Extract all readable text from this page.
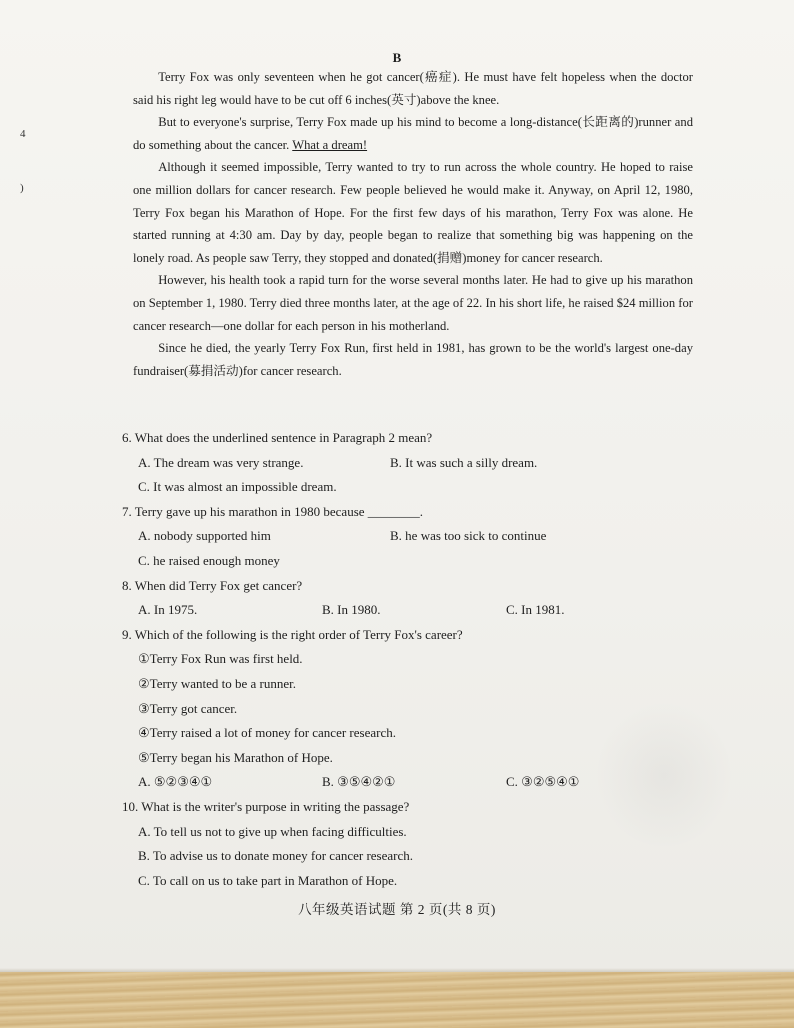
4
)
B

Terry Fox was only seventeen when he got cancer(癌症). He must have felt hopeless when the doctor said his right leg would have to be cut off 6 inches(英寸)above the knee.

But to everyone's surprise, Terry Fox made up his mind to become a long-distance(长距离的)runner and do something about the cancer. What a dream!

Although it seemed impossible, Terry wanted to try to run across the whole country. He hoped to raise one million dollars for cancer research. Few people believed he would make it. Anyway, on April 12, 1980, Terry Fox began his Marathon of Hope. For the first few days of his marathon, Terry Fox was alone. He started running at 4:30 am. Day by day, people began to realize that something big was happening on the lonely road. As people saw Terry, they stopped and donated(捐赠)money for cancer research.

However, his health took a rapid turn for the worse several months later. He had to give up his marathon on September 1, 1980. Terry died three months later, at the age of 22. In his short life, he raised $24 million for cancer research—one dollar for each person in his motherland.

Since he died, the yearly Terry Fox Run, first held in 1981, has grown to be the world's largest one-day fundraiser(募捐活动)for cancer research.

6. What does the underlined sentence in Paragraph 2 mean?
A. The dream was very strange.	B. It was such a silly dream.
C. It was almost an impossible dream.
7. Terry gave up his marathon in 1980 because ________.
A. nobody supported him	B. he was too sick to continue
C. he raised enough money
8. When did Terry Fox get cancer?
A. In 1975.	B. In 1980.	C. In 1981.
9. Which of the following is the right order of Terry Fox's career?
①Terry Fox Run was first held.
②Terry wanted to be a runner.
③Terry got cancer.
④Terry raised a lot of money for cancer research.
⑤Terry began his Marathon of Hope.
A. ⑤②③④①	B. ③⑤④②①	C. ③②⑤④①
10. What is the writer's purpose in writing the passage?
A. To tell us not to give up when facing difficulties.
B. To advise us to donate money for cancer research.
C. To call on us to take part in Marathon of Hope.
八年级英语试题 第 2 页(共 8 页)
